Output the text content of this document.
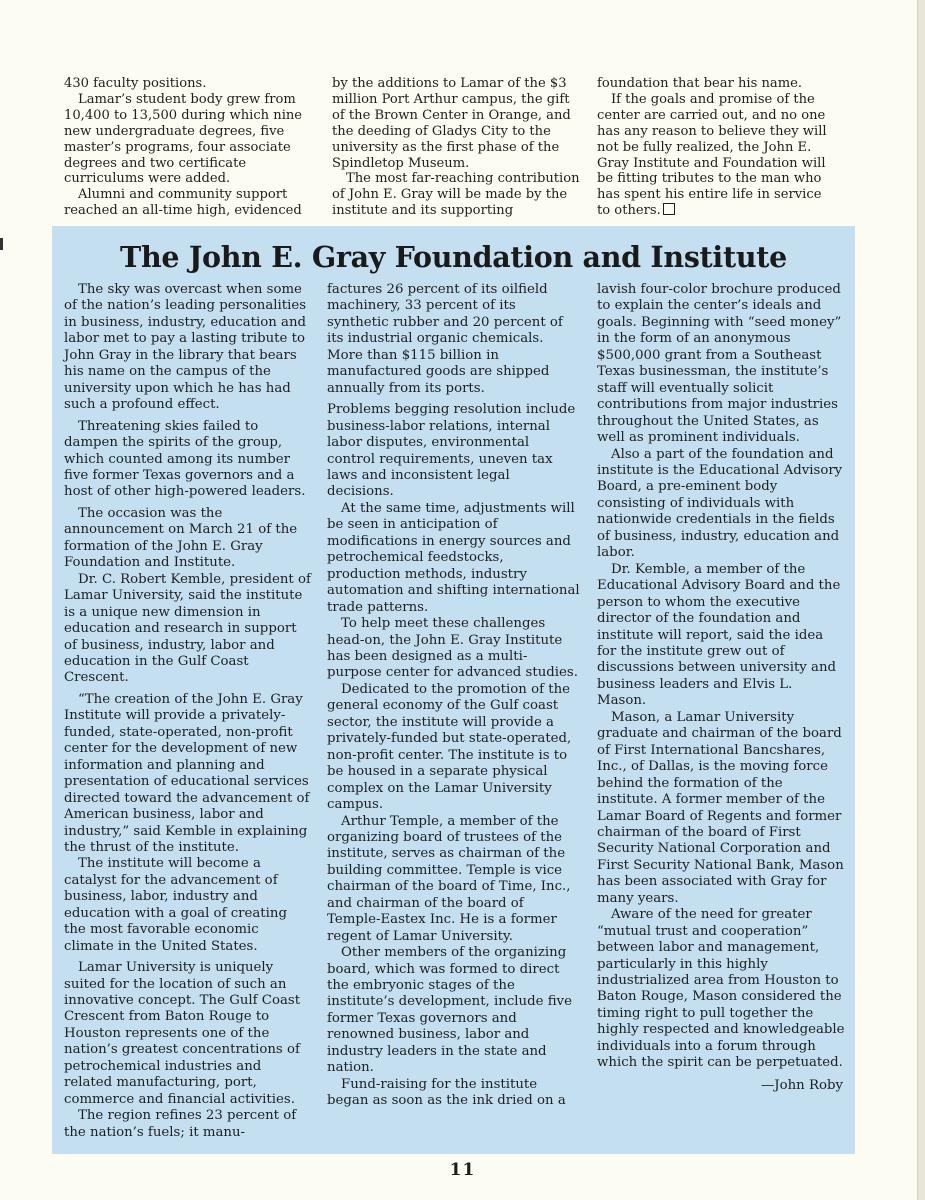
430 faculty positions.

Lamar’s student body grew from 10,400 to 13,500 during which nine new undergraduate degrees, five master’s programs, four associate degrees and two certificate curriculums were added.

Alumni and community support reached an all-time high, evidenced

by the additions to Lamar of the $3 million Port Arthur campus, the gift of the Brown Center in Orange, and the deeding of Gladys City to the university as the first phase of the Spindletop Museum.

The most far-reaching contribution of John E. Gray will be made by the institute and its supporting

foundation that bear his name.

If the goals and promise of the center are carried out, and no one has any reason to believe they will not be fully realized, the John E. Gray Institute and Foundation will be fitting tributes to the man who has spent his entire life in service to others.

The John E. Gray Foundation and Institute

The sky was overcast when some of the nation’s leading personalities in business, industry, education and labor met to pay a lasting tribute to John Gray in the library that bears his name on the campus of the university upon which he has had such a profound effect.

Threatening skies failed to dampen the spirits of the group, which counted among its number five former Texas governors and a host of other high-powered leaders.

The occasion was the announcement on March 21 of the formation of the John E. Gray Foundation and Institute.

Dr. C. Robert Kemble, president of Lamar University, said the institute is a unique new dimension in education and research in support of business, industry, labor and education in the Gulf Coast Crescent.

“The creation of the John E. Gray Institute will provide a privately-funded, state-operated, non-profit center for the development of new information and planning and presentation of educational services directed toward the advancement of American business, labor and industry,” said Kemble in explaining the thrust of the institute.

The institute will become a catalyst for the advancement of business, labor, industry and education with a goal of creating the most favorable economic climate in the United States.

Lamar University is uniquely suited for the location of such an innovative concept. The Gulf Coast Crescent from Baton Rouge to Houston represents one of the nation’s greatest concentrations of petrochemical industries and related manufacturing, port, commerce and financial activities.

The region refines 23 percent of the nation’s fuels; it manu-

factures 26 percent of its oilfield machinery, 33 percent of its synthetic rubber and 20 percent of its industrial organic chemicals. More than $115 billion in manufactured goods are shipped annually from its ports.

Problems begging resolution include business-labor relations, internal labor disputes, environmental control requirements, uneven tax laws and inconsistent legal decisions.

At the same time, adjustments will be seen in anticipation of modifications in energy sources and petrochemical feedstocks, production methods, industry automation and shifting international trade patterns.

To help meet these challenges head-on, the John E. Gray Institute has been designed as a multi-purpose center for advanced studies.

Dedicated to the promotion of the general economy of the Gulf coast sector, the institute will provide a privately-funded but state-operated, non-profit center. The institute is to be housed in a separate physical complex on the Lamar University campus.

Arthur Temple, a member of the organizing board of trustees of the institute, serves as chairman of the building committee. Temple is vice chairman of the board of Time, Inc., and chairman of the board of Temple-Eastex Inc. He is a former regent of Lamar University.

Other members of the organizing board, which was formed to direct the embryonic stages of the institute’s development, include five former Texas governors and renowned business, labor and industry leaders in the state and nation.

Fund-raising for the institute began as soon as the ink dried on a

lavish four-color brochure produced to explain the center’s ideals and goals. Beginning with “seed money” in the form of an anonymous $500,000 grant from a Southeast Texas businessman, the institute’s staff will eventually solicit contributions from major industries throughout the United States, as well as prominent individuals.

Also a part of the foundation and institute is the Educational Advisory Board, a pre-eminent body consisting of individuals with nationwide credentials in the fields of business, industry, education and labor.

Dr. Kemble, a member of the Educational Advisory Board and the person to whom the executive director of the foundation and institute will report, said the idea for the institute grew out of discussions between university and business leaders and Elvis L. Mason.

Mason, a Lamar University graduate and chairman of the board of First International Bancshares, Inc., of Dallas, is the moving force behind the formation of the institute. A former member of the Lamar Board of Regents and former chairman of the board of First Security National Corporation and First Security National Bank, Mason has been associated with Gray for many years.

Aware of the need for greater “mutual trust and cooperation” between labor and management, particularly in this highly industrialized area from Houston to Baton Rouge, Mason considered the timing right to pull together the highly respected and knowledgeable individuals into a forum through which the spirit can be perpetuated.

—John Roby
11
